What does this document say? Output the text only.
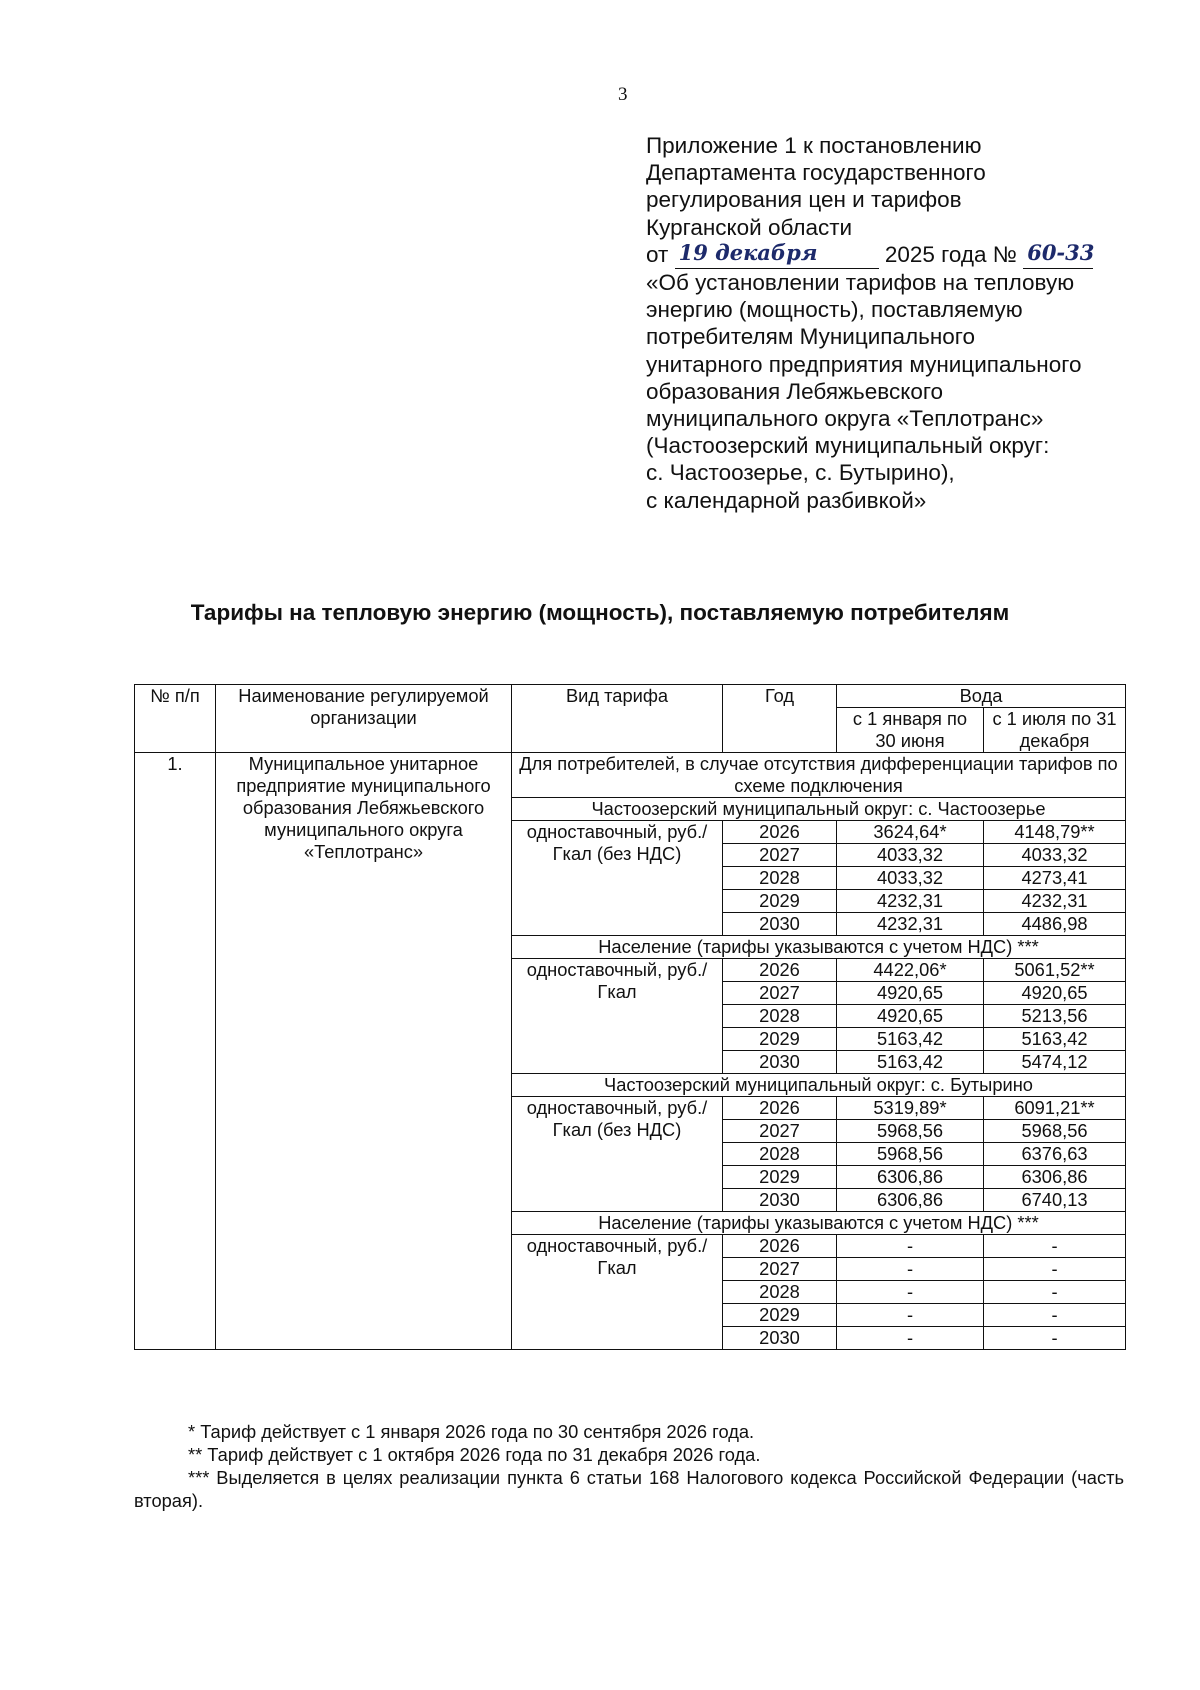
3
Приложение 1 к постановлению
Департамента государственного
регулирования цен и тарифов
Курганской области
от 19 декабря	2025 года № 60-33
«Об установлении тарифов на тепловую
энергию (мощность), поставляемую
потребителям Муниципального
унитарного предприятия муниципального
образования Лебяжьевского
муниципального округа «Теплотранс»
(Частоозерский муниципальный округ:
с. Частоозерье, с. Бутырино),
с календарной разбивкой»
Тарифы на тепловую энергию (мощность), поставляемую потребителям
№ п/п	Наименование регулируемой организации	Вид тарифа	Год	Вода	
				с 1 января по 30 июня	с 1 июля по 31 декабря
1.	Муниципальное унитарное предприятие муниципального образования Лебяжьевского муниципального округа «Теплотранс»	Для потребителей, в случае отсутствия дифференциации тарифов по схеме подключения			
		Частоозерский муниципальный округ: с. Частоозерье			
		одноставочный, руб./Гкал (без НДС)	2026	3624,64*	4148,79**
			2027	4033,32	4033,32
			2028	4033,32	4273,41
			2029	4232,31	4232,31
			2030	4232,31	4486,98
		Население (тарифы указываются с учетом НДС) ***			
		одноставочный, руб./Гкал	2026	4422,06*	5061,52**
			2027	4920,65	4920,65
			2028	4920,65	5213,56
			2029	5163,42	5163,42
			2030	5163,42	5474,12
		Частоозерский муниципальный округ: с. Бутырино			
		одноставочный, руб./Гкал (без НДС)	2026	5319,89*	6091,21**
			2027	5968,56	5968,56
			2028	5968,56	6376,63
			2029	6306,86	6306,86
			2030	6306,86	6740,13
		Население (тарифы указываются с учетом НДС) ***			
		одноставочный, руб./Гкал	2026	-	-
			2027	-	-
			2028	-	-
			2029	-	-
			2030	-	-

* Тариф действует с 1 января 2026 года по 30 сентября 2026 года.

** Тариф действует с 1 октября 2026 года по 31 декабря 2026 года.

*** Выделяется в целях реализации пункта 6 статьи 168 Налогового кодекса Российской Федерации (часть вторая).
